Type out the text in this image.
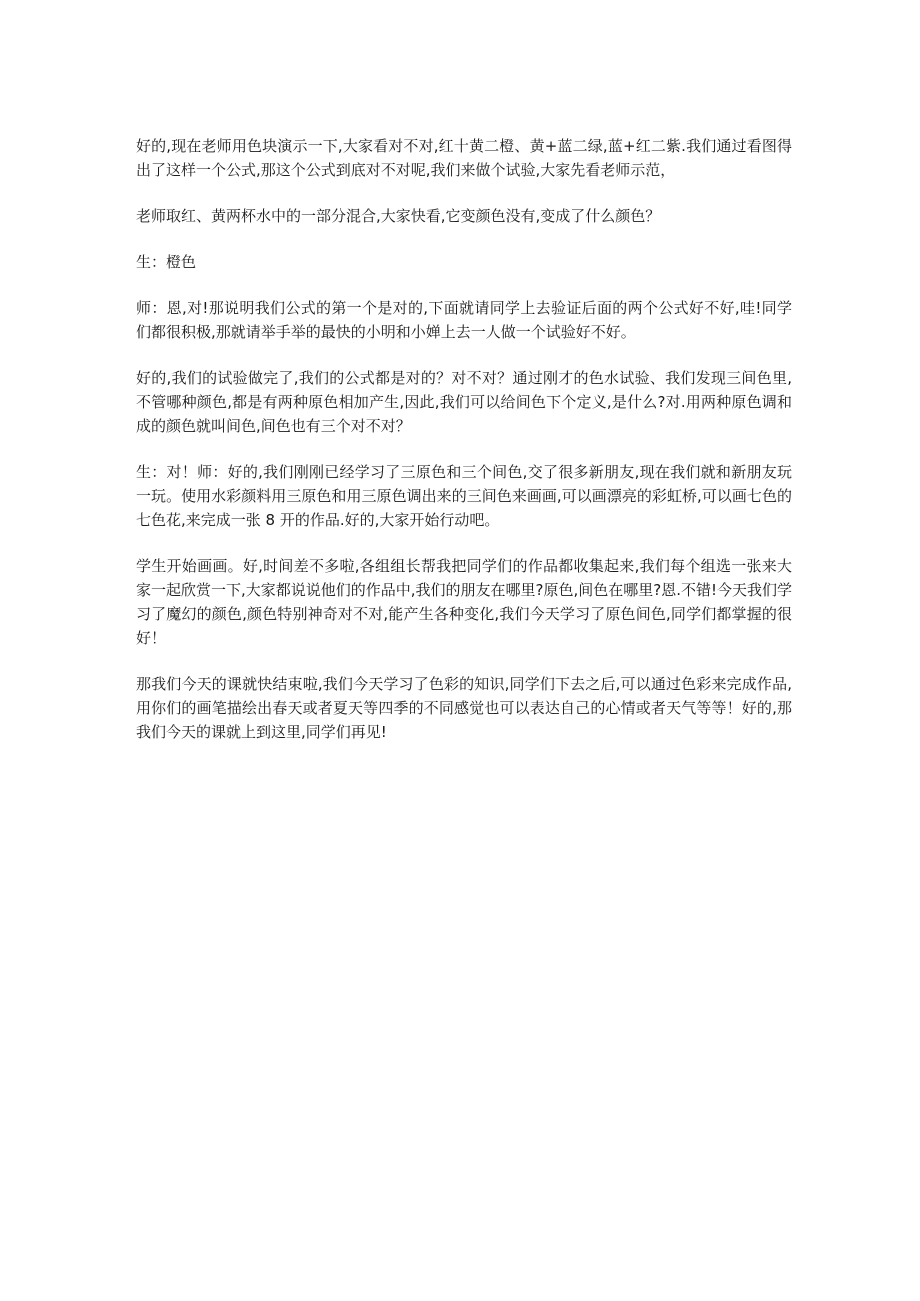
好的,现在老师用色块演示一下,大家看对不对,红十黄二橙、黄+蓝二绿,蓝+红二紫.我们通过看图得出了这样一个公式,那这个公式到底对不对呢,我们来做个试验,大家先看老师示范，

老师取红、黄两杯水中的一部分混合,大家快看,它变颜色没有,变成了什么颜色？

生：橙色

师：恩,对!那说明我们公式的第一个是对的,下面就请同学上去验证后面的两个公式好不好,哇!同学们都很积极,那就请举手举的最快的小明和小婵上去一人做一个试验好不好。

好的,我们的试验做完了,我们的公式都是对的？对不对？通过刚才的色水试验、我们发现三间色里,不管哪种颜色,都是有两种原色相加产生,因此,我们可以给间色下个定义,是什么?对.用两种原色调和成的颜色就叫间色,间色也有三个对不对？

生：对！师：好的,我们刚刚已经学习了三原色和三个间色,交了很多新朋友,现在我们就和新朋友玩一玩。使用水彩颜料用三原色和用三原色调出来的三间色来画画,可以画漂亮的彩虹桥,可以画七色的七色花,来完成一张 8 开的作品.好的,大家开始行动吧。

学生开始画画。好,时间差不多啦,各组组长帮我把同学们的作品都收集起来,我们每个组选一张来大家一起欣赏一下,大家都说说他们的作品中,我们的朋友在哪里?原色,间色在哪里?恩.不错!今天我们学习了魔幻的颜色,颜色特别神奇对不对,能产生各种变化,我们今天学习了原色间色,同学们都掌握的很好！

那我们今天的课就快结束啦,我们今天学习了色彩的知识,同学们下去之后,可以通过色彩来完成作品,用你们的画笔描绘出春天或者夏天等四季的不同感觉也可以表达自己的心情或者天气等等！好的,那我们今天的课就上到这里,同学们再见!
